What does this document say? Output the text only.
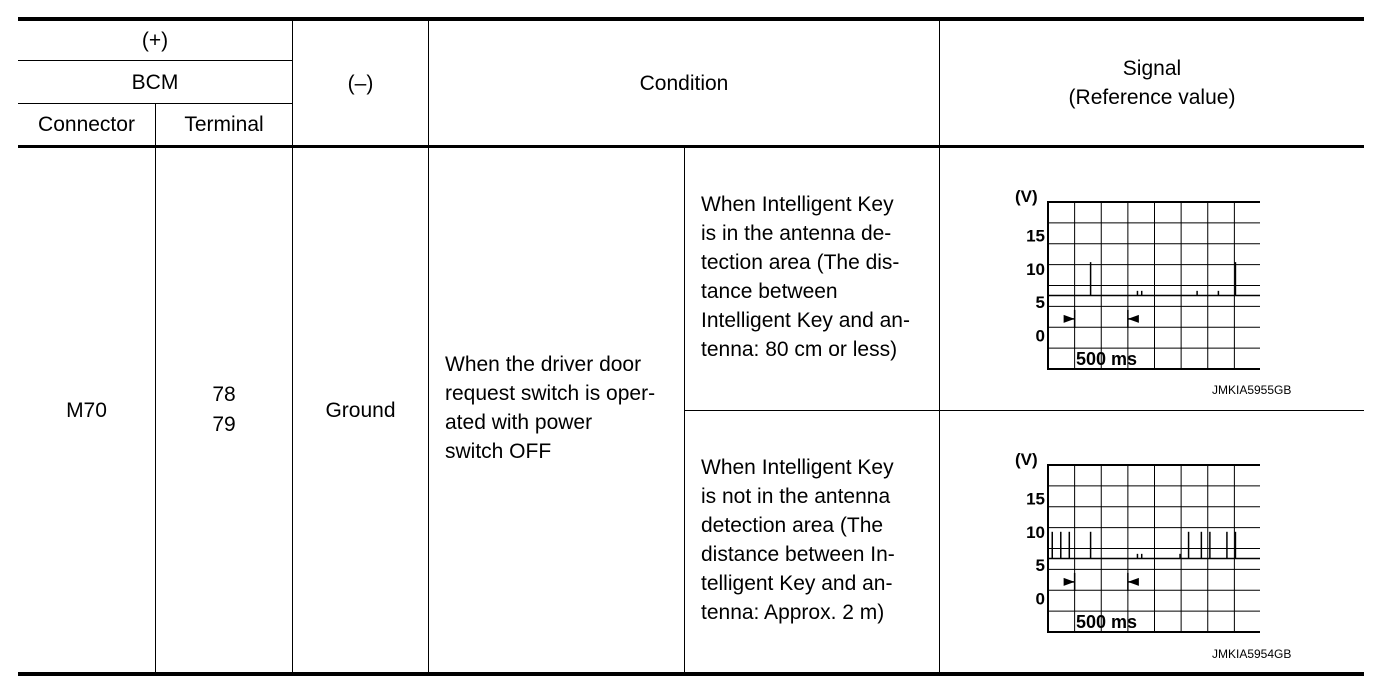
(+)
BCM
Connector	Terminal
(–)	Condition
Signal
(Reference value)
M70
78
79
Ground
When the driver door
request switch is oper-
ated with power
switch OFF
When Intelligent Key
is in the antenna de-
tection area (The dis-
tance between
Intelligent Key and an-
tenna: 80 cm or less)
When Intelligent Key
is not in the antenna
detection area (The
distance between In-
telligent Key and an-
tenna: Approx. 2 m)
(V)
15
10
5
0
500 ms
JMKIA5955GB
(V)
15
10
5
0
500 ms
JMKIA5954GB
